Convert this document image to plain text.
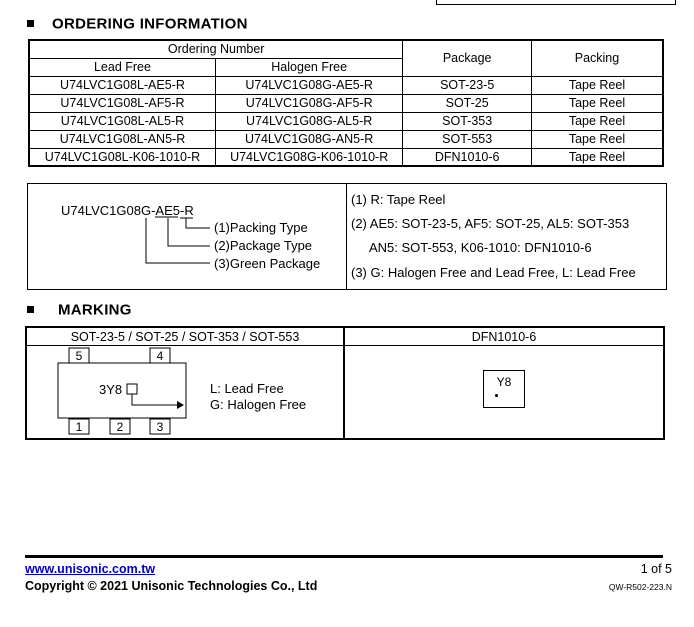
ORDERING INFORMATION
Ordering Number		Package	Packing
Lead Free	Halogen Free		
U74LVC1G08L-AE5-R	U74LVC1G08G-AE5-R	SOT-23-5	Tape Reel
U74LVC1G08L-AF5-R	U74LVC1G08G-AF5-R	SOT-25	Tape Reel
U74LVC1G08L-AL5-R	U74LVC1G08G-AL5-R	SOT-353	Tape Reel
U74LVC1G08L-AN5-R	U74LVC1G08G-AN5-R	SOT-553	Tape Reel
U74LVC1G08L-K06-1010-R	U74LVC1G08G-K06-1010-R	DFN1010-6	Tape Reel
U74LVC1G08G-AE5-R
(1)Packing Type
(2)Package Type
(3)Green Package
(1) R: Tape Reel
(2) AE5: SOT-23-5, AF5: SOT-25, AL5: SOT-353
AN5: SOT-553, K06-1010: DFN1010-6
(3) G: Halogen Free and Lead Free, L: Lead Free
MARKING
SOT-23-5 / SOT-25 / SOT-353 / SOT-553	DFN1010-6
5	4
1	2	3
3Y8	L: Lead Free
G: Halogen Free
Y8
www.unisonic.com.tw
Copyright © 2021 Unisonic Technologies Co., Ltd
1 of 5
QW-R502-223.N
